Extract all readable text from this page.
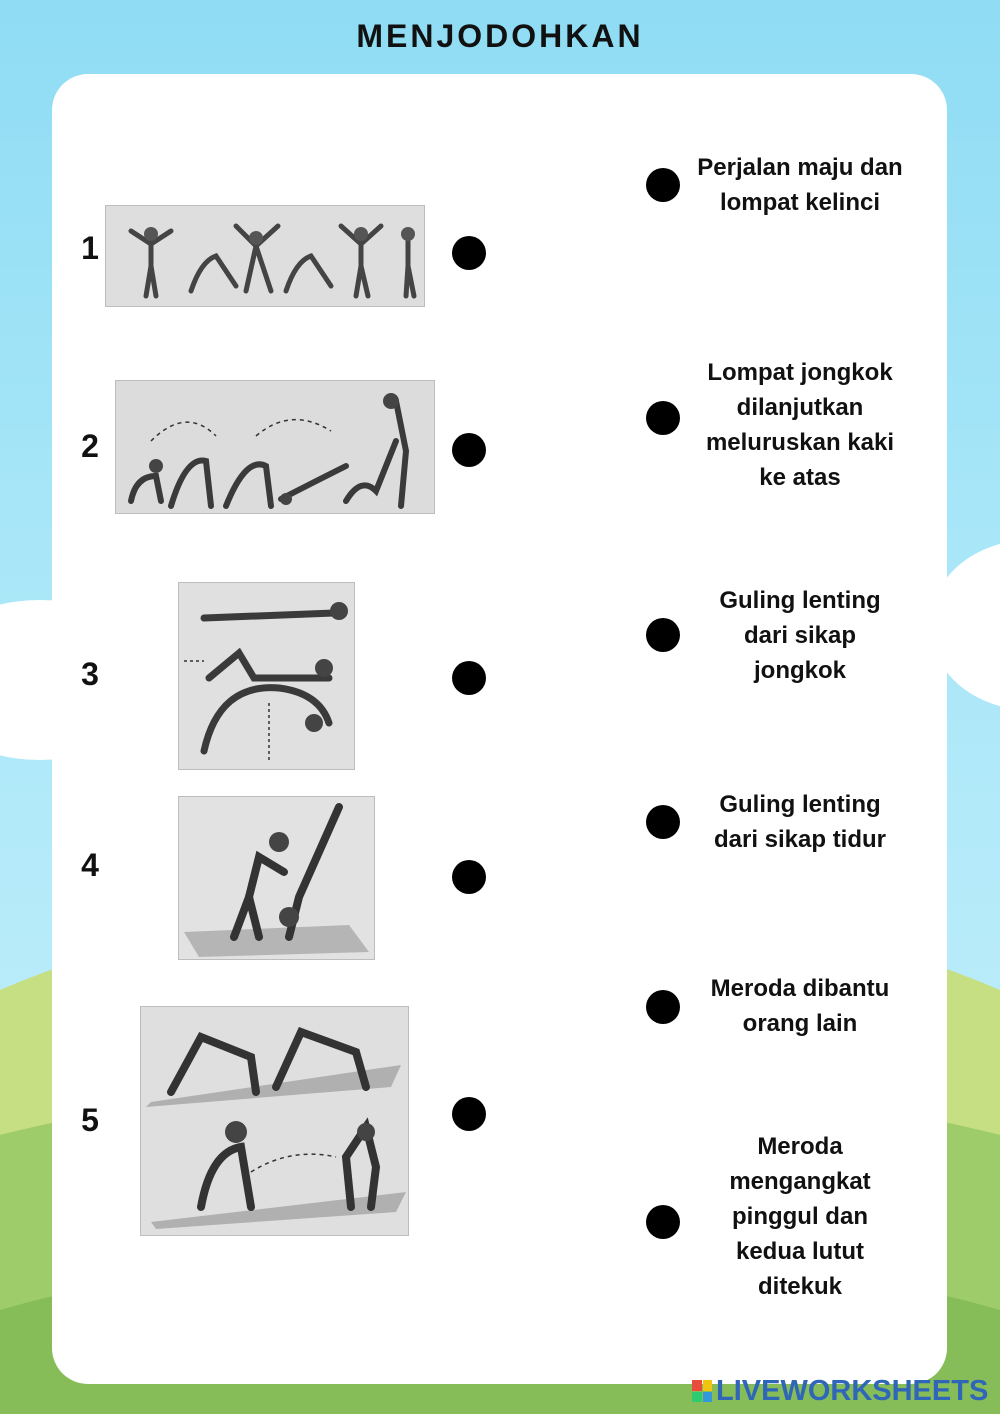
MENJODOHKAN
1
2
3
4
5
Perjalan maju dan
lompat kelinci
Lompat jongkok
dilanjutkan
meluruskan kaki
ke atas
Guling lenting
dari sikap
jongkok
Guling lenting
dari sikap tidur
Meroda dibantu
orang lain
Meroda
mengangkat
pinggul dan
kedua lutut
ditekuk
LIVEWORKSHEETS
